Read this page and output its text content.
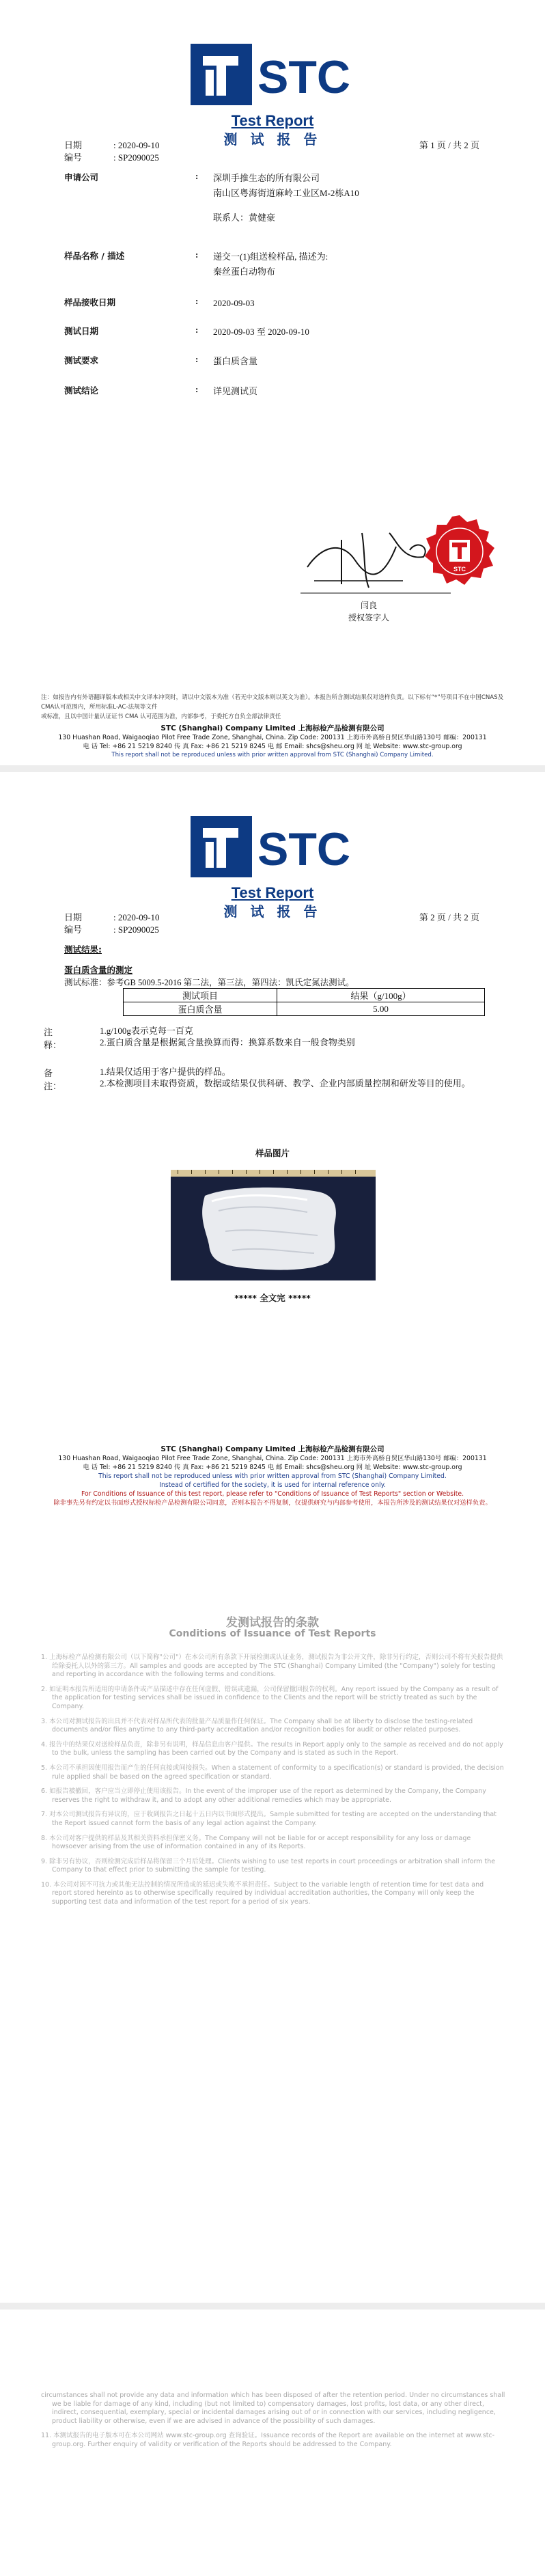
STC
Test Report
测 试 报 告
日期	: 2020-09-10
编号	: SP2090025
第 1 页 / 共 2 页
申请公司	: 深圳手推生态的所有限公司
南山区粤海街道麻岭工业区M-2栋A10
联系人：黄健豪
样品名称 / 描述	: 递交一(1)组送检样品, 描述为:
秦丝蛋白动物布
样品接收日期	: 2020-09-03
测试日期	: 2020-09-03 至 2020-09-10
测试要求	: 蛋白质含量
测试结论	: 详见测试页
闫良
授权签字人
STC
注：如报告内有外语翻译版本或相关中文译本冲突时，请以中文版本为准（若无中文版本则以英文为准）。本报告所含测试结果仅对送样负责。以下标有“*”号项目不在中国CNAS及CMA认可范围内，所用标准L-AC-法规等文件
或标准，且以中国计量认证证书 CMA 认可范围为准，内部参考，于委托方自负全部法律责任
STC (Shanghai) Company Limited 上海标检产品检测有限公司
130 Huashan Road, Waigaoqiao Pilot Free Trade Zone, Shanghai, China. Zip Code: 200131 上海市外高桥自贸区华山路130号 邮编：200131
电 话 Tel: +86 21 5219 8240 传 真 Fax: +86 21 5219 8245 电 邮 Email: shcs@sheu.org 网 址 Website: www.stc-group.org
This report shall not be reproduced unless with prior written approval from STC (Shanghai) Company Limited.
STC
Test Report
测 试 报 告
日期	: 2020-09-10
编号	: SP2090025
第 2 页 / 共 2 页
测试结果:
蛋白质含量的测定
测试标准：参考GB 5009.5-2016 第二法，第三法，第四法：凯氏定氮法测试。
测试项目	结果（g/100g）
蛋白质含量	5.00
注释：
1.g/100g表示克每一百克
2.蛋白质含量是根据氮含量换算而得：换算系数来自一般食物类别
备注：
1.结果仅适用于客户提供的样品。
2.本检测项目未取得资质，数据或结果仅供科研、教学、企业内部质量控制和研发等目的使用。
样品图片
***** 全文完 *****
STC (Shanghai) Company Limited 上海标检产品检测有限公司
130 Huashan Road, Waigaoqiao Pilot Free Trade Zone, Shanghai, China. Zip Code: 200131 上海市外高桥自贸区华山路130号 邮编：200131
电 话 Tel: +86 21 5219 8240 传 真 Fax: +86 21 5219 8245 电 邮 Email: shcs@sheu.org 网 址 Website: www.stc-group.org
This report shall not be reproduced unless with prior written approval from STC (Shanghai) Company Limited.
Instead of certified for the society, it is used for internal reference only.
For Conditions of Issuance of this test report, please refer to "Conditions of Issuance of Test Reports" section or Website.
除非事先另有约定以书面形式授权标检产品检测有限公司同意，否则本报告不得复制，仅提供研究与内部参考使用，本报告所涉及的测试结果仅对送样负责。
发测试报告的条款
Conditions of Issuance of Test Reports

1. 上海标检产品检测有限公司（以下简称"公司"）在本公司所有条款下开展检测或认证业务，测试报告为非公开文件，除非另行约定，否则公司不将有关报告提供给除委托人以外的第三方。All samples and goods are accepted by The STC (Shanghai) Company Limited (the "Company") solely for testing and reporting in accordance with the following terms and conditions.

2. 如证明本报告所适用的申请条件或产品描述中存在任何虚假、错误或遗漏，公司保留撤回报告的权利。Any report issued by the Company as a result of the application for testing services shall be issued in confidence to the Clients and the report will be strictly treated as such by the Company.

3. 本公司对测试报告的出具并不代表对样品所代表的批量产品质量作任何保证。The Company shall be at liberty to disclose the testing-related documents and/or files anytime to any third-party accreditation and/or recognition bodies for audit or other related purposes.

4. 报告中的结果仅对送检样品负责，除非另有说明，样品信息由客户提供。The results in Report apply only to the sample as received and do not apply to the bulk, unless the sampling has been carried out by the Company and is stated as such in the Report.

5. 本公司不承担因使用报告而产生的任何直接或间接损失。When a statement of conformity to a specification(s) or standard is provided, the decision rule applied shall be based on the agreed specification or standard.

6. 如报告被撤回，客户应当立即停止使用该报告。In the event of the improper use of the report as determined by the Company, the Company reserves the right to withdraw it, and to adopt any other additional remedies which may be appropriate.

7. 对本公司测试报告有异议的，应于收到报告之日起十五日内以书面形式提出。Sample submitted for testing are accepted on the understanding that the Report issued cannot form the basis of any legal action against the Company.

8. 本公司对客户提供的样品及其相关资料承担保密义务。The Company will not be liable for or accept responsibility for any loss or damage howsoever arising from the use of information contained in any of its Reports.

9. 除非另有协议，否则检测完成后样品将保留三个月后处理。Clients wishing to use test reports in court proceedings or arbitration shall inform the Company to that effect prior to submitting the sample for testing.

10. 本公司对因不可抗力或其他无法控制的情况所造成的延迟或失败不承担责任。Subject to the variable length of retention time for test data and report stored hereinto as to otherwise specifically required by individual accreditation authorities, the Company will only keep the supporting test data and information of the test report for a period of six years.

circumstances shall not provide any data and information which has been disposed of after the retention period. Under no circumstances shall we be liable for damage of any kind, including (but not limited to) compensatory damages, lost profits, lost data, or any other direct, indirect, consequential, exemplary, special or incidental damages arising out of or in connection with our services, including negligence, product liability or otherwise, even if we are advised in advance of the possibility of such damages.

11. 本测试报告的电子版本可在本公司网站 www.stc-group.org 查询验证。Issuance records of the Report are available on the internet at www.stc-group.org. Further enquiry of validity or verification of the Reports should be addressed to the Company.
